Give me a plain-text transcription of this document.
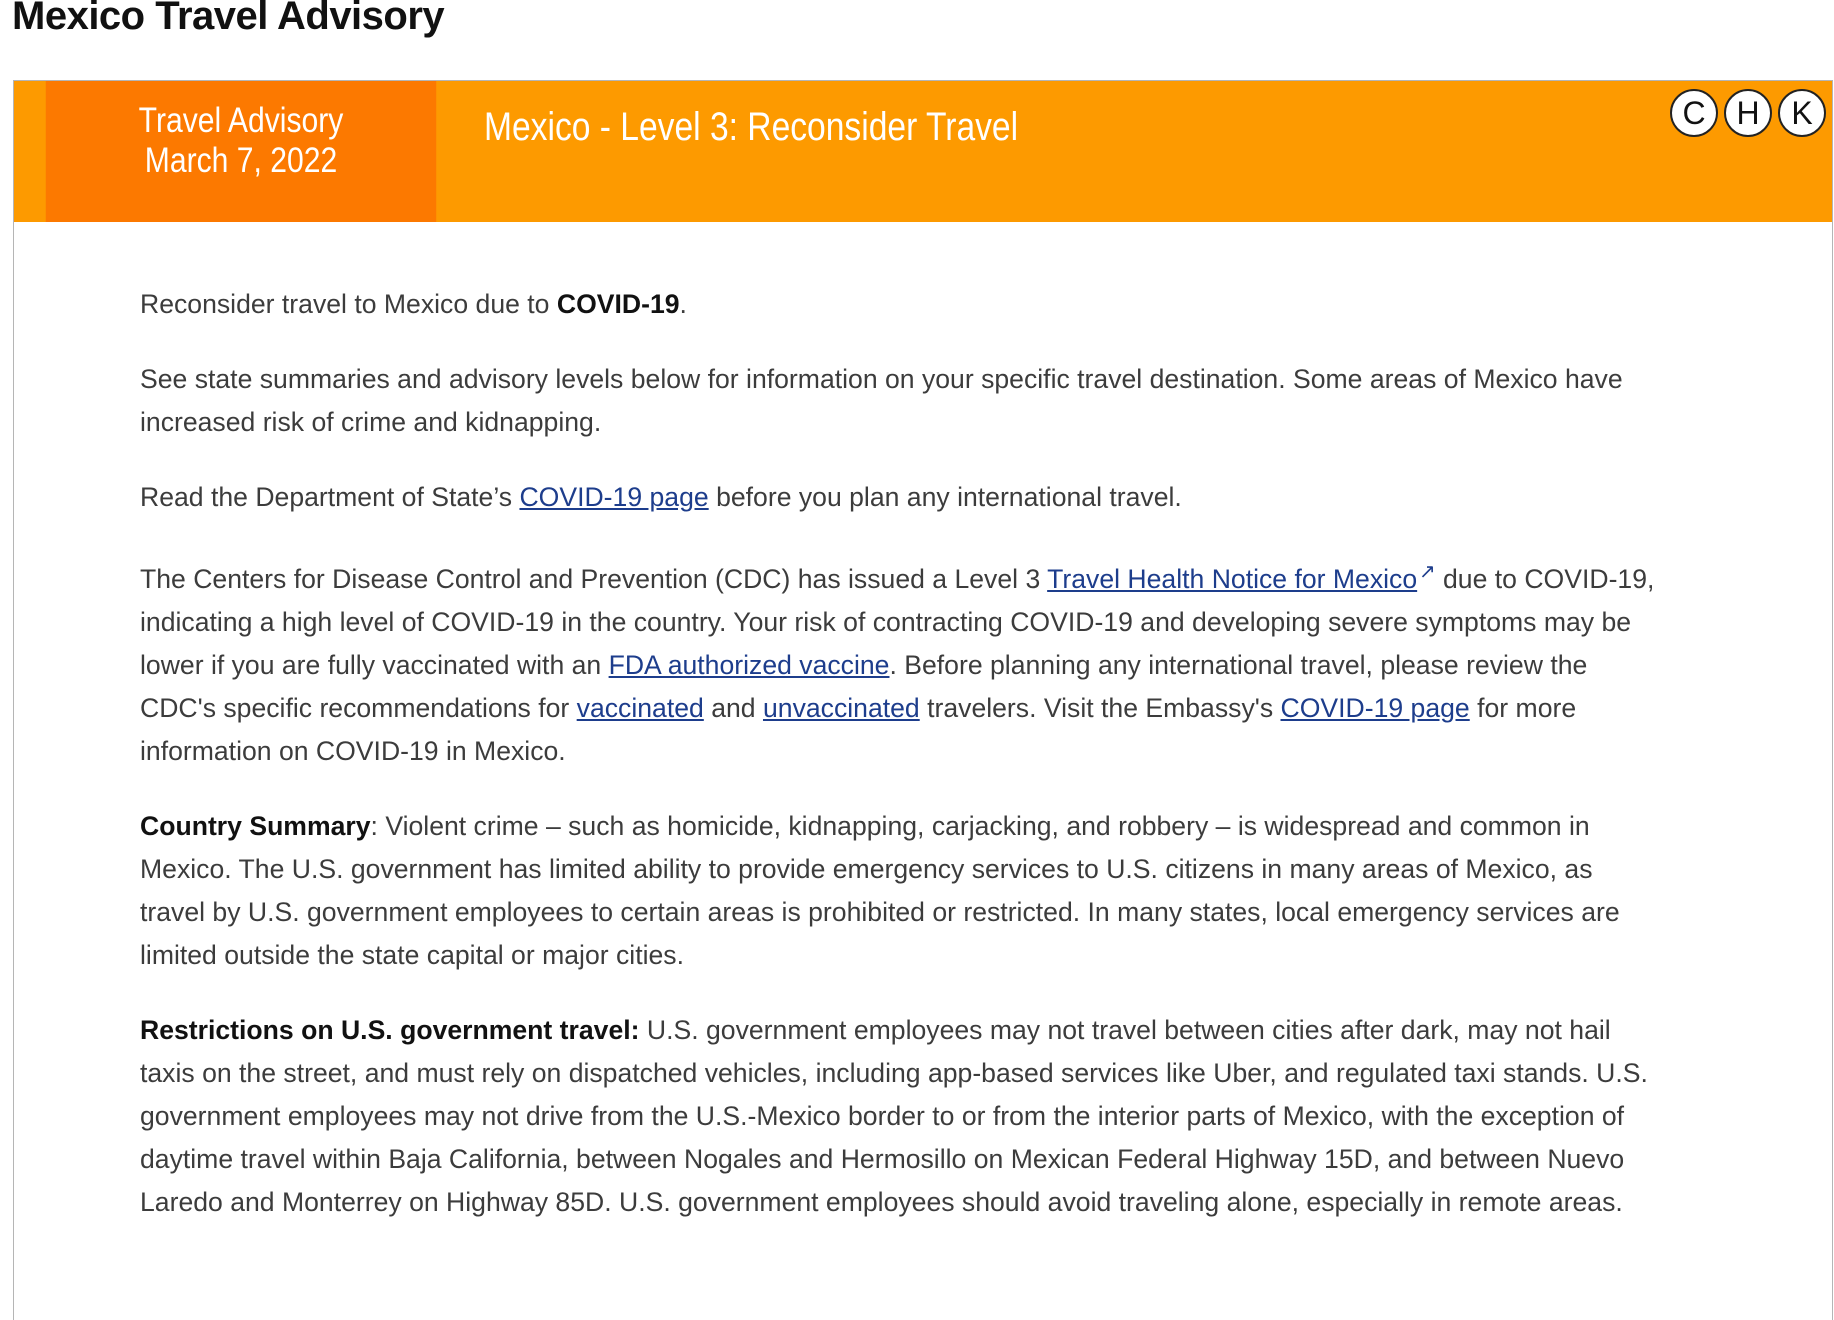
Mexico Travel Advisory
Travel Advisory
March 7, 2022
Mexico - Level 3: Reconsider Travel	C H K

Reconsider travel to Mexico due to COVID-19.

See state summaries and advisory levels below for information on your specific travel destination. Some areas of Mexico have increased risk of crime and kidnapping.

Read the Department of State’s COVID-19 page before you plan any international travel.

The Centers for Disease Control and Prevention (CDC) has issued a Level 3 Travel Health Notice for Mexico↗︎ due to COVID-19, indicating a high level of COVID-19 in the country. Your risk of contracting COVID-19 and developing severe symptoms may be lower if you are fully vaccinated with an FDA authorized vaccine. Before planning any international travel, please review the CDC's specific recommendations for vaccinated and unvaccinated travelers. Visit the Embassy's COVID-19 page for more information on COVID-19 in Mexico.

Country Summary: Violent crime – such as homicide, kidnapping, carjacking, and robbery – is widespread and common in Mexico. The U.S. government has limited ability to provide emergency services to U.S. citizens in many areas of Mexico, as travel by U.S. government employees to certain areas is prohibited or restricted. In many states, local emergency services are limited outside the state capital or major cities.

Restrictions on U.S. government travel: U.S. government employees may not travel between cities after dark, may not hail taxis on the street, and must rely on dispatched vehicles, including app-based services like Uber, and regulated taxi stands. U.S. government employees may not drive from the U.S.-Mexico border to or from the interior parts of Mexico, with the exception of daytime travel within Baja California, between Nogales and Hermosillo on Mexican Federal Highway 15D, and between Nuevo Laredo and Monterrey on Highway 85D. U.S. government employees should avoid traveling alone, especially in remote areas.
